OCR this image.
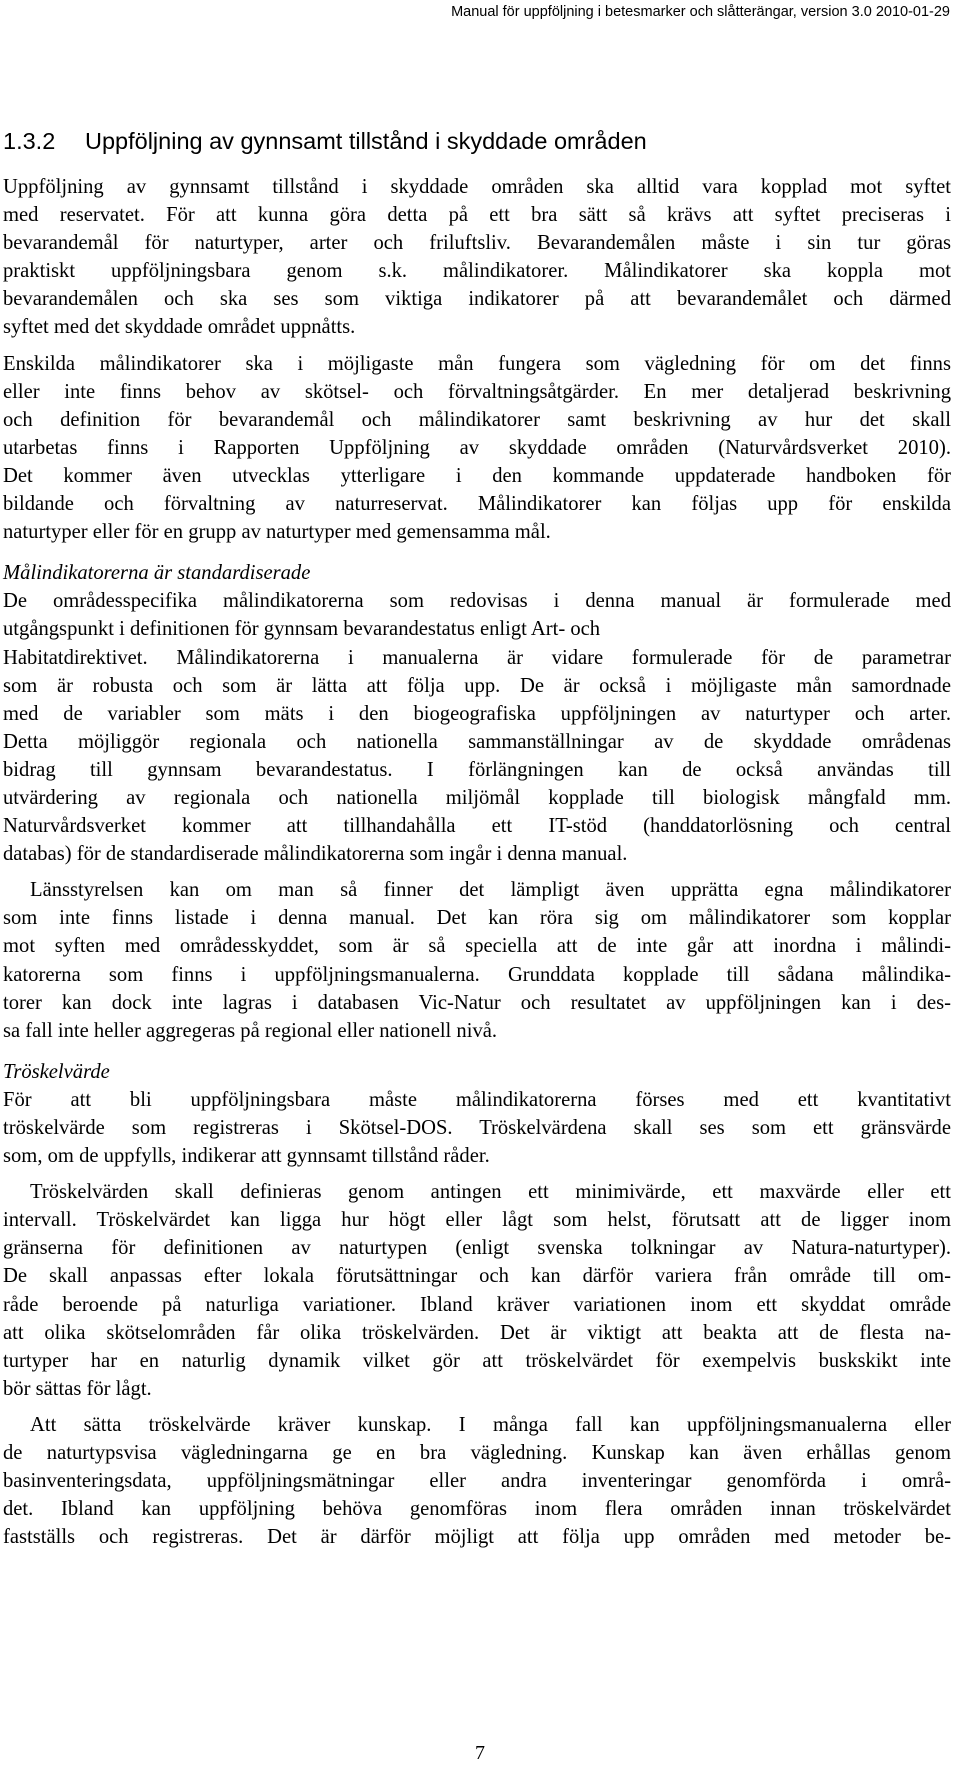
Manual för uppföljning i betesmarker och slåtterängar, version 3.0 2010-01-29
1.3.2 Uppföljning av gynnsamt tillstånd i skyddade områden

Uppföljning av gynnsamt tillstånd i skyddade områden ska alltid vara kopplad mot syftet
med reservatet. För att kunna göra detta på ett bra sätt så krävs att syftet preciseras i
bevarandemål för naturtyper, arter och friluftsliv. Bevarandemålen måste i sin tur göras
praktiskt uppföljningsbara genom s.k. målindikatorer. Målindikatorer ska koppla mot
bevarandemålen och ska ses som viktiga indikatorer på att bevarandemålet och därmed
syftet med det skyddade området uppnåtts.

Enskilda målindikatorer ska i möjligaste mån fungera som vägledning för om det finns
eller inte finns behov av skötsel- och förvaltningsåtgärder. En mer detaljerad beskrivning
och definition för bevarandemål och målindikatorer samt beskrivning av hur det skall
utarbetas finns i Rapporten Uppföljning av skyddade områden (Naturvårdsverket 2010).
Det kommer även utvecklas ytterligare i den kommande uppdaterade handboken för
bildande och förvaltning av naturreservat. Målindikatorer kan följas upp för enskilda
naturtyper eller för en grupp av naturtyper med gemensamma mål.

Målindikatorerna är standardiserade

De områdesspecifika målindikatorerna som redovisas i denna manual är formulerade med
utgångspunkt i definitionen för gynnsam bevarandestatus enligt Art- och
Habitatdirektivet. Målindikatorerna i manualerna är vidare formulerade för de parametrar
som är robusta och som är lätta att följa upp. De är också i möjligaste mån samordnade
med de variabler som mäts i den biogeografiska uppföljningen av naturtyper och arter.
Detta möjliggör regionala och nationella sammanställningar av de skyddade områdenas
bidrag till gynnsam bevarandestatus. I förlängningen kan de också användas till
utvärdering av regionala och nationella miljömål kopplade till biologisk mångfald mm.
Naturvårdsverket kommer att tillhandahålla ett IT-stöd (handdatorlösning och central
databas) för de standardiserade målindikatorerna som ingår i denna manual.

Länsstyrelsen kan om man så finner det lämpligt även upprätta egna målindikatorer
som inte finns listade i denna manual. Det kan röra sig om målindikatorer som kopplar
mot syften med områdesskyddet, som är så speciella att de inte går att inordna i målindi-
katorerna som finns i uppföljningsmanualerna. Grunddata kopplade till sådana målindika-
torer kan dock inte lagras i databasen Vic-Natur och resultatet av uppföljningen kan i des-
sa fall inte heller aggregeras på regional eller nationell nivå.

Tröskelvärde

För att bli uppföljningsbara måste målindikatorerna förses med ett kvantitativt
tröskelvärde som registreras i Skötsel-DOS. Tröskelvärdena skall ses som ett gränsvärde
som, om de uppfylls, indikerar att gynnsamt tillstånd råder.

Tröskelvärden skall definieras genom antingen ett minimivärde, ett maxvärde eller ett
intervall. Tröskelvärdet kan ligga hur högt eller lågt som helst, förutsatt att de ligger inom
gränserna för definitionen av naturtypen (enligt svenska tolkningar av Natura-naturtyper).
De skall anpassas efter lokala förutsättningar och kan därför variera från område till om-
råde beroende på naturliga variationer. Ibland kräver variationen inom ett skyddat område
att olika skötselområden får olika tröskelvärden. Det är viktigt att beakta att de flesta na-
turtyper har en naturlig dynamik vilket gör att tröskelvärdet för exempelvis buskskikt inte
bör sättas för lågt.

Att sätta tröskelvärde kräver kunskap. I många fall kan uppföljningsmanualerna eller
de naturtypsvisa vägledningarna ge en bra vägledning. Kunskap kan även erhållas genom
basinventeringsdata, uppföljningsmätningar eller andra inventeringar genomförda i områ-
det. Ibland kan uppföljning behöva genomföras inom flera områden innan tröskelvärdet
fastställs och registreras. Det är därför möjligt att följa upp områden med metoder be-

7
